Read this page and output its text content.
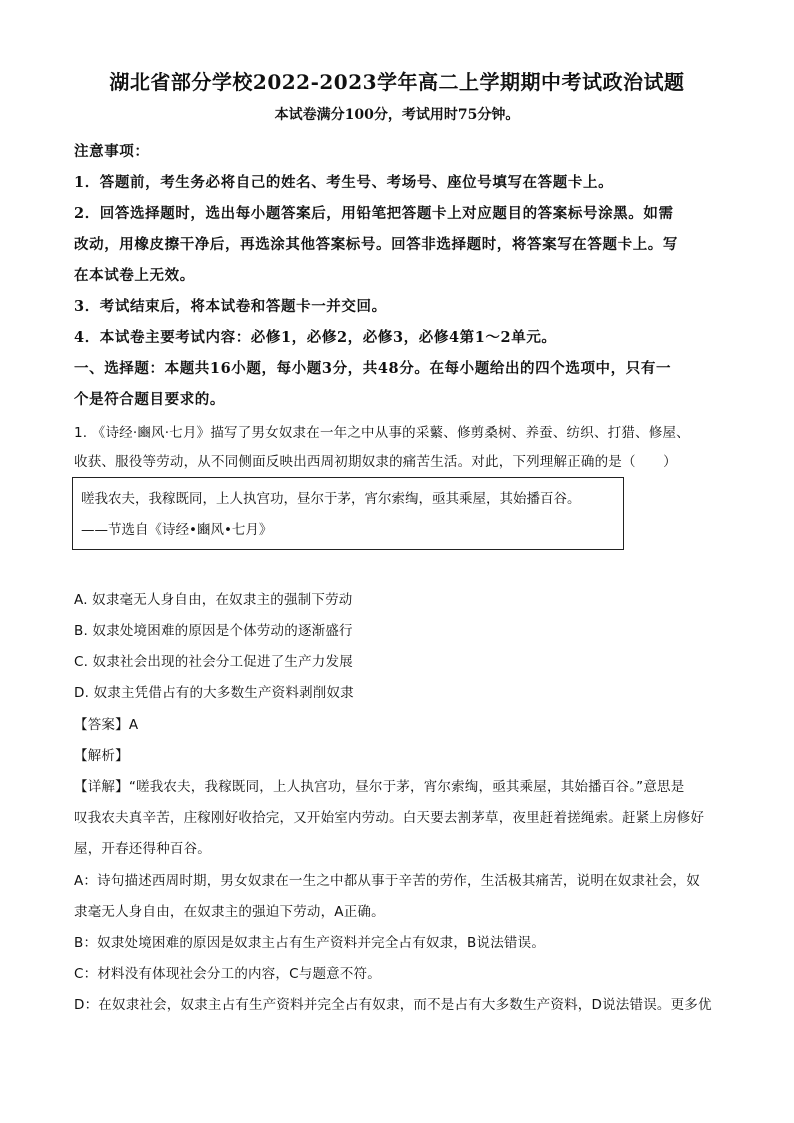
湖北省部分学校2022-2023学年高二上学期期中考试政治试题
本试卷满分100分，考试用时75分钟。
注意事项：
1．答题前，考生务必将自己的姓名、考生号、考场号、座位号填写在答题卡上。
2．回答选择题时，选出每小题答案后，用铅笔把答题卡上对应题目的答案标号涂黑。如需
改动，用橡皮擦干净后，再选涂其他答案标号。回答非选择题时，将答案写在答题卡上。写
在本试卷上无效。
3．考试结束后，将本试卷和答题卡一并交回。
4．本试卷主要考试内容：必修1，必修2，必修3，必修4第1～2单元。
一、选择题：本题共16小题，每小题3分，共48分。在每小题给出的四个选项中，只有一
个是符合题目要求的。
1. 《诗经·豳风·七月》描写了男女奴隶在一年之中从事的采蘩、修剪桑树、养蚕、纺织、打猎、修屋、
收获、服役等劳动，从不同侧面反映出西周初期奴隶的痛苦生活。对此，下列理解正确的是（　　）
嗟我农夫，我稼既同，上人执宫功，昼尔于茅，宵尔索绹，亟其乘屋，其始播百谷。
——节选自《诗经•豳风•七月》
A. 奴隶毫无人身自由，在奴隶主的强制下劳动
B. 奴隶处境困难的原因是个体劳动的逐渐盛行
C. 奴隶社会出现的社会分工促进了生产力发展
D. 奴隶主凭借占有的大多数生产资料剥削奴隶
【答案】A
【解析】
【详解】“嗟我农夫，我稼既同，上人执宫功，昼尔于茅，宵尔索绹，亟其乘屋，其始播百谷。”意思是
叹我农夫真辛苦，庄稼刚好收拾完，又开始室内劳动。白天要去割茅草，夜里赶着搓绳索。赶紧上房修好
屋，开春还得种百谷。
A：诗句描述西周时期，男女奴隶在一生之中都从事于辛苦的劳作，生活极其痛苦，说明在奴隶社会，奴
隶毫无人身自由，在奴隶主的强迫下劳动，A正确。
B：奴隶处境困难的原因是奴隶主占有生产资料并完全占有奴隶，B说法错误。
C：材料没有体现社会分工的内容，C与题意不符。
D：在奴隶社会，奴隶主占有生产资料并完全占有奴隶，而不是占有大多数生产资料，D说法错误。更多优
